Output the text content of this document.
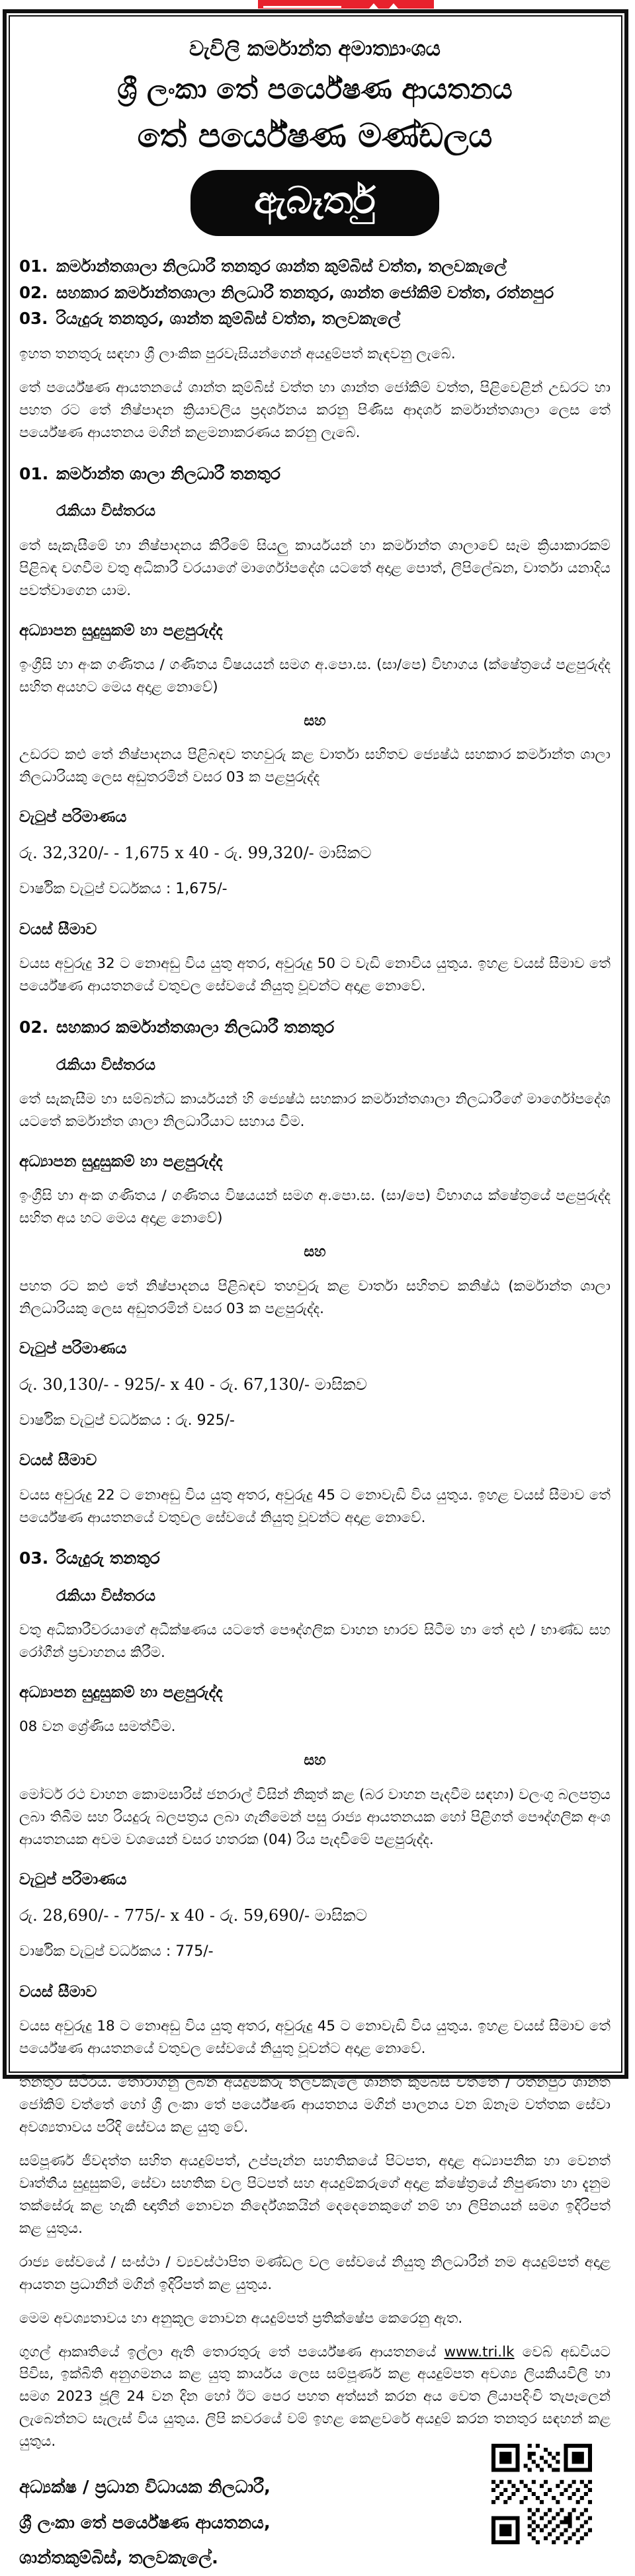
වැවිලි කර්මාන්ත අමාත්‍යාංශය
ශ්‍රී ලංකා තේ පර්යේෂණ ආයතනය
තේ පර්යේෂණ මණ්ඩලය
ඇබෑර්තු
01. කර්මාන්තශාලා නිලධාරී තනතුර ශාන්ත කුම්බිස් වත්ත, තලවකැලේ
02. සහකාර කර්මාන්තශාලා නිලධාරී තනතුර, ශාන්ත ජෝකිම් වත්ත, රත්නපුර
03. රියැදුරු තනතුර, ශාන්ත කුම්බිස් වත්ත, තලවකැලේ

ඉහත තනතුරු සඳහා ශ්‍රී ලාංකික පුරවැසියන්ගෙන් අයදුම්පත් කැඳවනු ලැබේ.

තේ පර්යේෂණ ආයතනයේ ශාන්ත කුම්බිස් වත්ත හා ශාන්ත ජෝකිම් වත්ත, පිළිවෙළින් උඩරට හා පහත රට තේ නිෂ්පාදන ක්‍රියාවලිය ප්‍රදර්ශනය කරනු පිණිස ආදර්ශ කර්මාන්තශාලා ලෙස තේ පර්යේෂණ ආයතනය මගින් කළමනාකරණය කරනු ලැබේ.

01. කර්මාන්ත ශාලා නිලධාරී තනතුර
රැකියා විස්තරය

තේ සැකැසීමේ හා නිෂ්පාදනය කිරීමේ සියලු කාර්යයන් හා කර්මාන්ත ශාලාවේ සෑම ක්‍රියාකාරකම් පිළිබඳ වගවීම වතු අධිකාරී වරයාගේ මාර්ගෝපදේශ යටතේ අදාළ පොත්, ලිපිලේඛන, වාර්තා යනාදිය පවත්වාගෙන යාම.

අධ්‍යාපන සුදුසුකම් හා පළපුරුද්ද

ඉංග්‍රීසි හා අංක ගණිතය / ගණිතය විෂයයන් සමග අ.පො.ස. (සා/පෙ) විභාගය (ක්ෂේත්‍රයේ පළපුරුද්ද සහිත අයහට මෙය අදාළ නොවේ)

සහ

උඩරට කළු තේ නිෂ්පාදනය පිළිබඳව තහවුරු කළ වාර්තා සහිතව ජ්‍යෙෂ්ඨ සහකාර කර්මාන්ත ශාලා නිලධාරියකු ලෙස අඩුතරමින් වසර 03 ක පළපුරුද්ද

වැටුප් පරිමාණය

රු. 32,320/- - 1,675 x 40 - රු. 99,320/- මාසිකට

වාර්ෂික වැටුප් වර්ධකය : 1,675/-

වයස් සීමාව

වයස අවුරුදු 32 ට නොඅඩු විය යුතු අතර, අවුරුදු 50 ට වැඩි නොවිය යුතුය. ඉහළ වයස් සීමාව තේ පර්යේෂණ ආයතනයේ වතුවල සේවයේ නියුතු වූවන්ට අදාළ නොවේ.

02. සහකාර කර්මාන්තශාලා නිලධාරී තනතුර
රැකියා විස්තරය

තේ සැකැසීම හා සම්බන්ධ කාර්යයන් හි ජ්‍යෙෂ්ඨ සහකාර කර්මාන්තශාලා නිලධාරීගේ මාර්ගෝපදේශ යටතේ කර්මාන්ත ශාලා නිලධාරීයාට සහාය වීම.

අධ්‍යාපන සුදුසුකම් හා පළපුරුද්ද

ඉංග්‍රීසි හා අංක ගණිතය / ගණිතය විෂයයන් සමග අ.පො.ස. (සා/පෙ) විභාගය ක්ෂේත්‍රයේ පළපුරුද්ද සහිත අය හට මෙය අදාළ නොවේ)

සහ

පහත රට කළු තේ නිෂ්පාදනය පිළිබඳව තහවුරු කළ වාර්තා සහිතව කනිෂ්ඨ (කර්මාන්ත ශාලා නිලධාරියකු ලෙස අඩුතරමින් වසර 03 ක පළපුරුද්ද.

වැටුප් පරිමාණය

රු. 30,130/- - 925/- x 40 - රු. 67,130/- මාසිකව

වාර්ෂික වැටුප් වර්ධකය : රු. 925/-

වයස් සීමාව

වයස අවුරුදු 22 ට නොඅඩු විය යුතු අතර, අවුරුදු 45 ට නොවැඩි විය යුතුය. ඉහළ වයස් සීමාව තේ පර්යේෂණ ආයතනයේ වතුවල සේවයේ නියුතු වූවන්ට අදාළ නොවේ.

03. රියැදුරු තනතුර
රැකියා විස්තරය

වතු අධිකාරීවරයාගේ අධීක්ෂණය යටතේ පෞද්ගලික වාහන භාරව සිටීම හා තේ දළු / භාණ්ඩ සහ රෝගීන් ප්‍රවාහනය කිරීම.

අධ්‍යාපන සුදුසුකම් හා පළපුරුද්ද

08 වන ශ්‍රේණිය සමත්වීම.

සහ

මෝටර් රථ වාහන කොමසාරිස් ජනරාල් විසින් නිකුත් කළ (බර වාහන පැදවීම සඳහා) වලංගු බලපත්‍රය ලබා තිබීම සහ රියදුරු බලපත්‍රය ලබා ගැනීමෙන් පසු රාජ්‍ය ආයතනයක හෝ පිළිගත් පෞද්ගලික අංශ ආයතනයක අවම වශයෙන් වසර හතරක (04) රිය පැදවීමේ පළපුරුද්ද.

වැටුප් පරිමාණය

රු. 28,690/- - 775/- x 40 - රු. 59,690/- මාසිකට

වාර්ෂික වැටුප් වර්ධකය : 775/-

වයස් සීමාව

වයස අවුරුදු 18 ට නොඅඩු විය යුතු අතර, අවුරුදු 45 ට නොවැඩි විය යුතුය. ඉහළ වයස් සීමාව තේ පර්යේෂණ ආයතනයේ වතුවල සේවයේ නියුතු වූවන්ට අදාළ නොවේ.

තනතුර ස්ථීරය. තෝරාගනු ලබන අයදුම්කරු තලවකැලේ ශාන්ත කුම්බිස් වත්තේ / රත්නපුර ශාන්ත ජෝකිම් වත්තේ හෝ ශ්‍රී ලංකා තේ පර්යේෂණ ආයතනය මගින් පාලනය වන ඕනෑම වත්තක සේවා අවශ්‍යතාවය පරිදි සේවය කළ යුතු වේ.

සම්පූර්ණ ජීවදත්ත සහිත අයදුම්පත්, උප්පැන්න සහතිකයේ පිටපත, අදාළ අධ්‍යාපනික හා වෙනත් වෘත්තීය සුදුසුකම්, සේවා සහතික වල පිටපත් සහ අයදුම්කරුගේ අදාළ ක්ෂේත්‍රයේ නිපුණතා හා දැනුම තක්සේරු කළ හැකි ඥාතීන් නොවන නිර්දේශකයින් දෙදෙනෙකුගේ නම් හා ලිපිනයන් සමග ඉදිරිපත් කළ යුතුය.

රාජ්‍ය සේවයේ / සංස්ථා / ව්‍යවස්ථාපිත මණ්ඩල වල සේවයේ නියුතු නිලධාරීන් නම අයදුම්පත් අදාළ ආයතන ප්‍රධානීන් මගින් ඉදිරිපත් කළ යුතුය.

මෙම අවශ්‍යතාවය හා අනුකූල නොවන අයදුම්පත් ප්‍රතික්ෂේප කෙරෙනු ඇත.

ගුගල් ආකෘතියේ ඉල්ලා ඇති තොරතුරු තේ පර්යේෂණ ආයතනයේ www.tri.lk වෙබ් අඩවියට පිවිස, ඉක්බිති අනුගමනය කළ යුතු කාර්යය ලෙස සම්පූර්ණ කළ අයදුම්පත අවශ්‍ය ලියකියවිලි හා සමග 2023 ජූලි 24 වන දින හෝ ඊට පෙර පහත අත්සන් කරන අය වෙත ලියාපදිංචි තැපෑලෙන් ලැබෙන්නට සැලැස් විය යුතුය. ලිපි කවරයේ වම් ඉහළ කෙළවරේ අයදුම් කරන තනතුර සඳහන් කළ යුතුය.

අධ්‍යක්ෂ / ප්‍රධාන විධායක නිලධාරී,
ශ්‍රී ලංකා තේ පර්යේෂණ ආයතනය,
ශාන්තකුම්බිස්, තලවකැලේ.
